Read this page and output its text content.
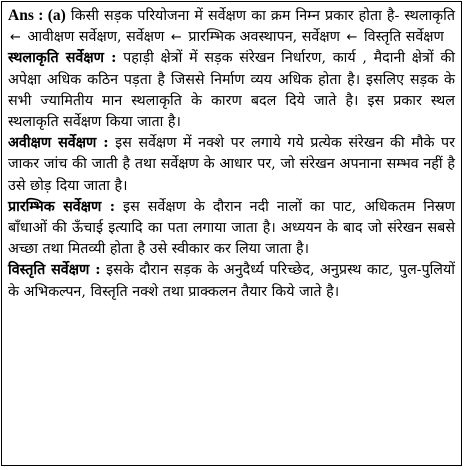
Ans : (a) किसी सड़क परियोजना में सर्वेक्षण का क्रम निम्न प्रकार होता है- स्थलाकृति ← आवीक्षण सर्वेक्षण, सर्वेक्षण ← प्रारम्भिक अवस्थापन, सर्वेक्षण ← विस्तृति सर्वेक्षण

स्थलाकृति सर्वेक्षण : पहाड़ी क्षेत्रों में सड़क संरेखन निर्धारण, कार्य , मैदानी क्षेत्रों की अपेक्षा अधिक कठिन पड़ता है जिससे निर्माण व्यय अधिक होता है। इसलिए सड़क के सभी ज्यामितीय मान स्थलाकृति के कारण बदल दिये जाते है। इस प्रकार स्थल स्थलाकृति सर्वेक्षण किया जाता है।

अवीक्षण सर्वेक्षण : इस सर्वेक्षण में नक्शे पर लगाये गये प्रत्येक संरेखन की मौके पर जाकर जांच की जाती है तथा सर्वेक्षण के आधार पर, जो संरेखन अपनाना सम्भव नहीं है उसे छोड़ दिया जाता है।

प्रारम्भिक सर्वेक्षण : इस सर्वेक्षण के दौरान नदी नालों का पाट, अधिकतम निस्रण बाँधाओं की ऊँचाई इत्यादि का पता लगाया जाता है। अध्ययन के बाद जो संरेखन सबसे अच्छा तथा मितव्यी होता है उसे स्वीकार कर लिया जाता है।

विस्तृति सर्वेक्षण : इसके दौरान सड़क के अनुदैर्ध्य परिच्छेद, अनुप्रस्थ काट, पुल-पुलियों के अभिकल्पन, विस्तृति नक्शे तथा प्राक्कलन तैयार किये जाते है।
